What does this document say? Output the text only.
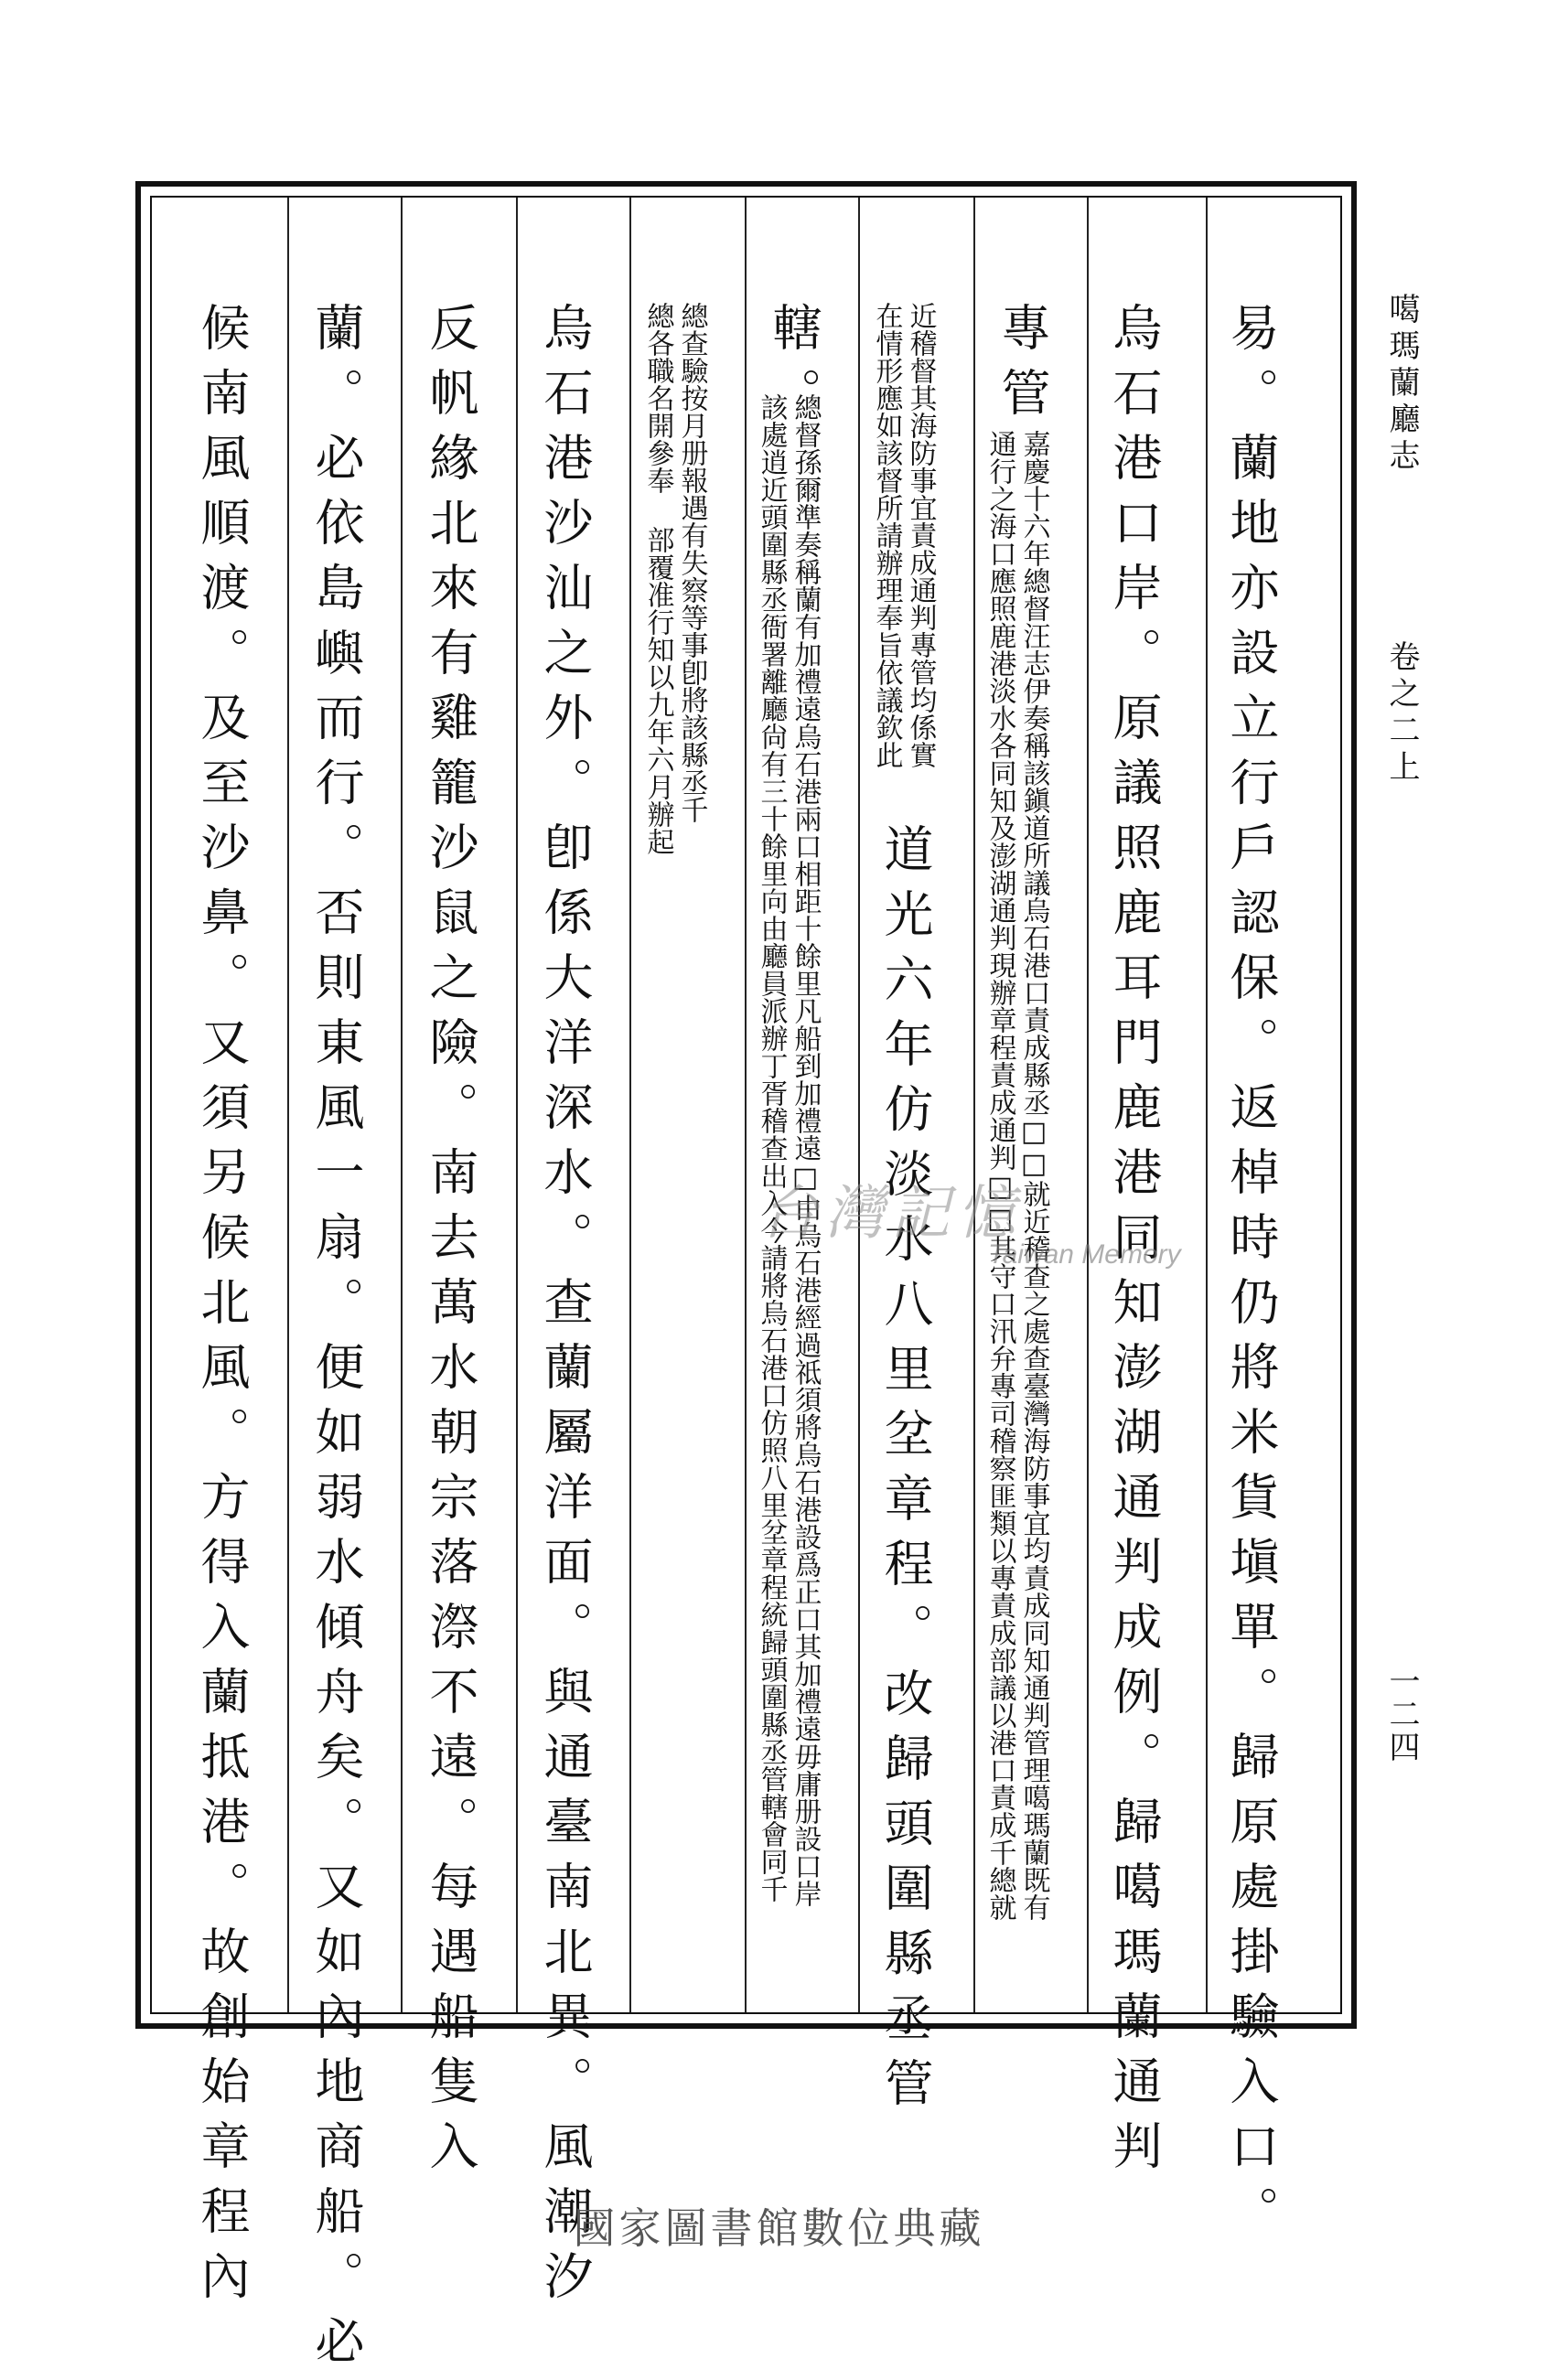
噶瑪蘭廳志
卷之二上
一二四
易。蘭地亦設立行戶認保。返棹時仍將米貨塡單。歸原處掛驗入口。
烏石港口岸。原議照鹿耳門鹿港同知澎湖通判成例。歸噶瑪蘭通判
專管
嘉慶十六年總督汪志伊奏稱該鎭道所議烏石港口責成縣丞□□就近稽查之處查臺灣海防事宜均責成同知通判管理噶瑪蘭既有
通行之海口應照鹿港淡水各同知及澎湖通判現辦章程責成通判□□其守口汛弁專司稽察匪類以專責成部議以港口責成千總就
近稽督其海防事宜責成通判專管均係實
在情形應如該督所請辦理奉旨依議欽此
道光六年仿淡水八里坌章程。改歸頭圍縣丞管
轄。
總督孫爾準奏稱蘭有加禮遠烏石港兩口相距十餘里凡船到加禮遠□由烏石港經過祗須將烏石港設爲正口其加禮遠毋庸册設口岸
該處逍近頭圍縣丞衙署離廳尙有三十餘里向由廳員派辦丁胥稽查出入今請將烏石港口仿照八里坌章程統歸頭圍縣丞管轄會同千
總查驗按月册報遇有失察等事卽將該縣丞千
總各職名開參奉 部覆准行知以九年六月辦起
烏石港沙汕之外。卽係大洋深水。查蘭屬洋面。與通臺南北異。風潮汐
反帆緣北來有雞籠沙鼠之險。南去萬水朝宗落漈不遠。每遇船隻入
蘭。必依島嶼而行。否則東風一扇。便如弱水傾舟矣。又如內地商船。必
候南風順渡。及至沙鼻。又須另候北風。方得入蘭抵港。故創始章程內	台灣記憶
Taiwan Memory
國家圖書館數位典藏
